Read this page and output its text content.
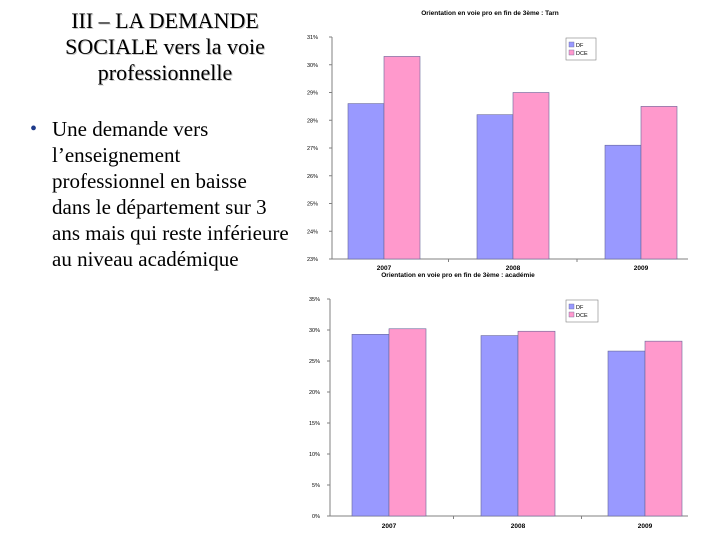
III – LA DEMANDE SOCIALE vers la voie professionnelle
• Une demande vers l’enseignement professionnel en baisse dans le département sur 3 ans mais qui reste inférieure au niveau académique
Orientation en voie pro en fin de 3ème : Tarn
23%
24%
25%
26%
27%
28%
29%
30%
31%
2007	2008	2009
DF
DCE
Orientation en voie pro en fin de 3ème : académie
0%
5%
10%
15%
20%
25%
30%
35%
2007	2008	2009
DF
DCE
